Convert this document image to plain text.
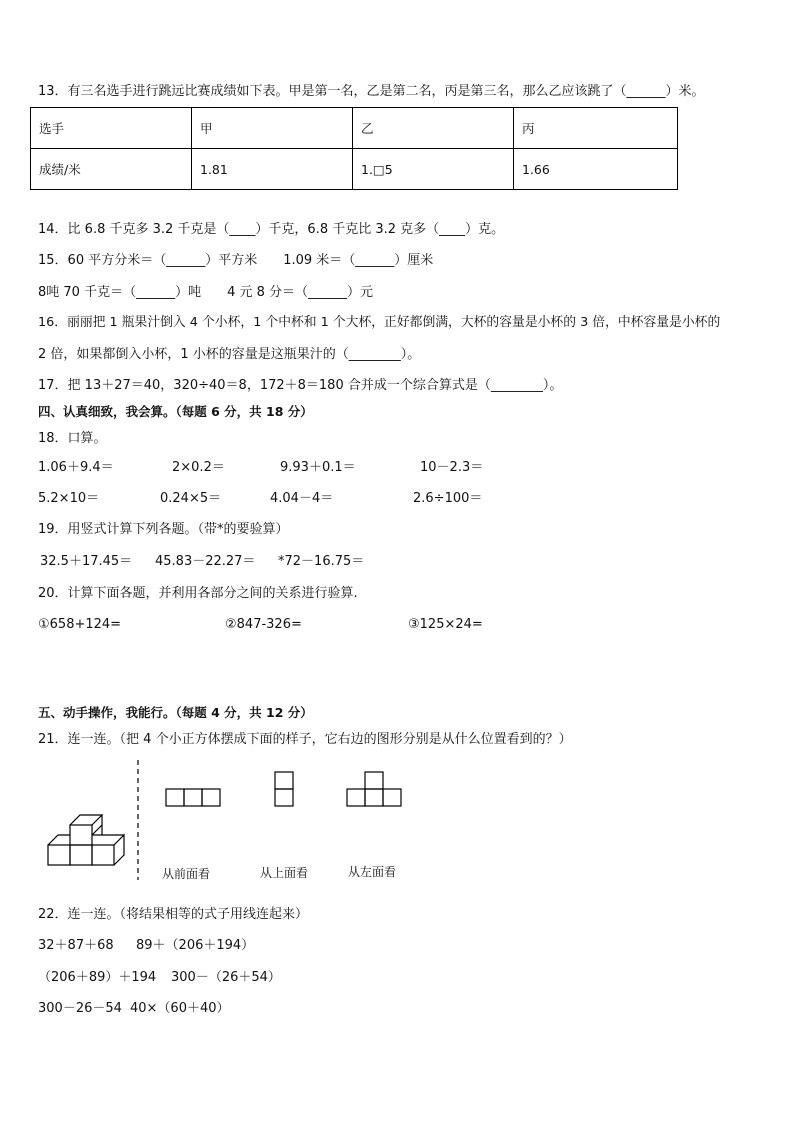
13．有三名选手进行跳远比赛成绩如下表。甲是第一名，乙是第二名，丙是第三名，那么乙应该跳了（______）米。
选手	甲	乙	丙
成绩/米	1.81	1.□5	1.66
14．比 6.8 千克多 3.2 千克是（____）千克，6.8 千克比 3.2 克多（____）克。
15．60 平方分米＝（______）平方米　　1.09 米＝（______）厘米
8吨 70 千克＝（______）吨　　4 元 8 分＝（______）元
16．丽丽把 1 瓶果汁倒入 4 个小杯，1 个中杯和 1 个大杯，正好都倒满，大杯的容量是小杯的 3 倍，中杯容量是小杯的
2 倍，如果都倒入小杯，1 小杯的容量是这瓶果汁的（________）。
17．把 13＋27＝40，320÷40＝8，172＋8＝180 合并成一个综合算式是（________）。
四、认真细致，我会算。（每题 6 分，共 18 分）
18．口算。
1.06＋9.4＝	2×0.2＝	9.93＋0.1＝	10－2.3＝
5.2×10＝	0.24×5＝	4.04－4＝	2.6÷100＝
19．用竖式计算下列各题。（带*的要验算）
32.5＋17.45＝ 45.83－22.27＝ *72－16.75＝
20．计算下面各题，并利用各部分之间的关系进行验算.
①658+124=	②847-326=	③125×24=
五、动手操作，我能行。（每题 4 分，共 12 分）
21．连一连。（把 4 个小正方体摆成下面的样子，它右边的图形分别是从什么位置看到的？）
从前面看	从上面看	从左面看
22．连一连。（将结果相等的式子用线连起来）
32＋87＋68 89＋（206＋194）
（206＋89）＋194 300－（26＋54）
300－26－54 40×（60＋40）
